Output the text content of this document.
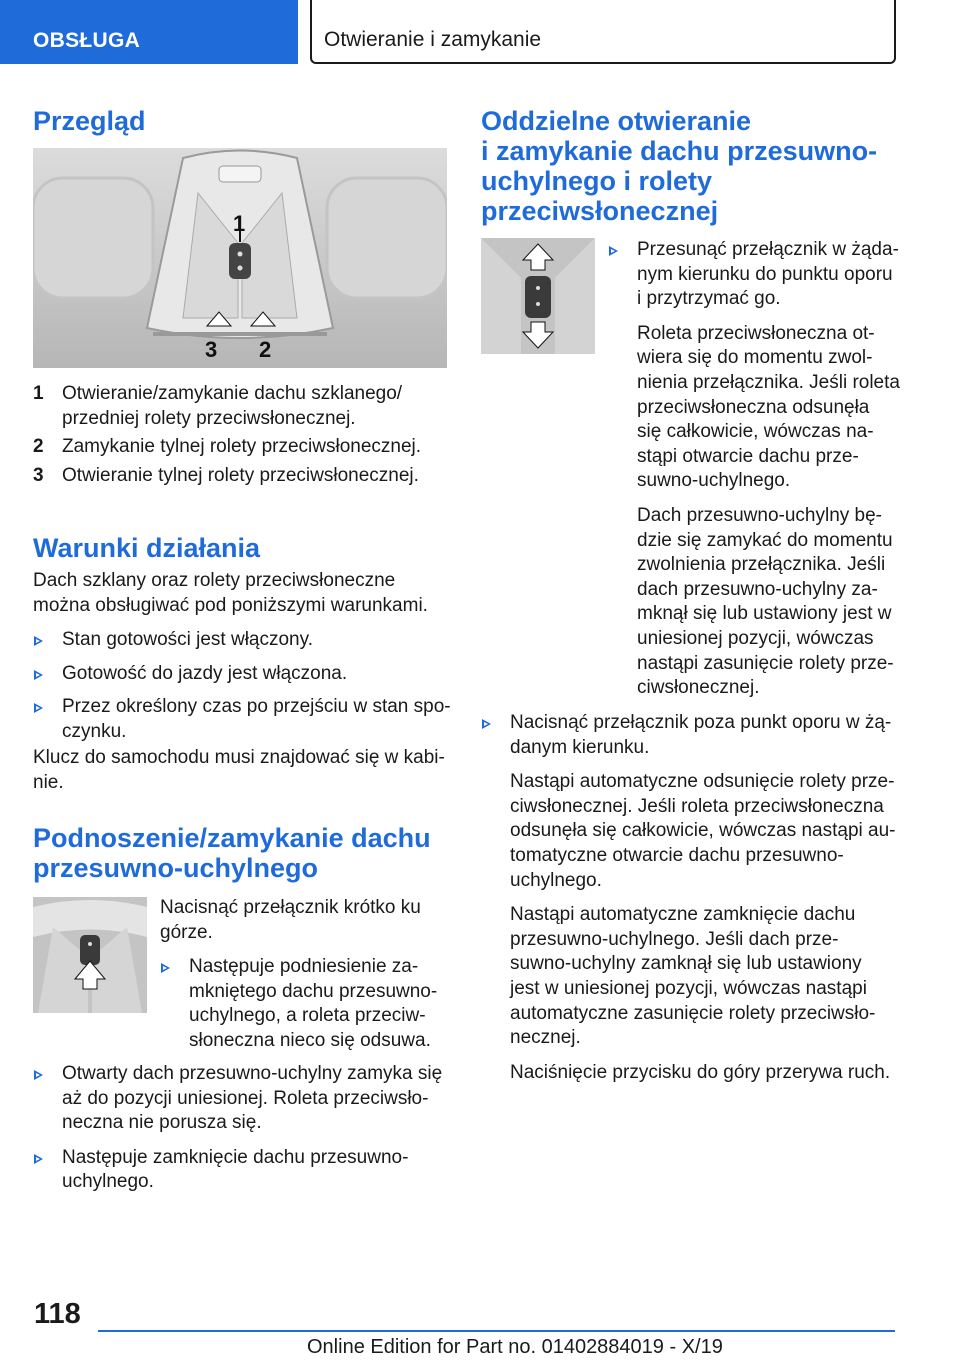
OBSŁUGA	Otwieranie i zamykanie
Przegląd
1
2
3
1 Otwieranie/zamykanie dachu szklanego/
przedniej rolety przeciwsłonecznej.
2 Zamykanie tylnej rolety przeciwsłonecznej.
3 Otwieranie tylnej rolety przeciwsłonecznej.
Warunki działania
Dach szklany oraz rolety przeciwsłoneczne
można obsługiwać pod poniższymi warunkami.
Stan gotowości jest włączony.
Gotowość do jazdy jest włączona.
Przez określony czas po przejściu w stan spo-
czynku.
Klucz do samochodu musi znajdować się w kabi-
nie.
Podnoszenie/zamykanie dachu
przesuwno-uchylnego
Nacisnąć przełącznik krótko ku
górze.
Następuje podniesienie za-
mkniętego dachu przesuwno-
uchylnego, a roleta przeciw-
słoneczna nieco się odsuwa.
Otwarty dach przesuwno-uchylny zamyka się
aż do pozycji uniesionej. Roleta przeciwsło-
neczna nie porusza się.
Następuje zamknięcie dachu przesuwno-
uchylnego.
Oddzielne otwieranie
i zamykanie dachu przesuwno-
uchylnego i rolety
przeciwsłonecznej
Przesunąć przełącznik w żąda-
nym kierunku do punktu oporu
i przytrzymać go.
Roleta przeciwsłoneczna ot-
wiera się do momentu zwol-
nienia przełącznika. Jeśli roleta
przeciwsłoneczna odsunęła
się całkowicie, wówczas na-
stąpi otwarcie dachu prze-
suwno-uchylnego.
Dach przesuwno-uchylny bę-
dzie się zamykać do momentu
zwolnienia przełącznika. Jeśli
dach przesuwno-uchylny za-
mknął się lub ustawiony jest w
uniesionej pozycji, wówczas
nastąpi zasunięcie rolety prze-
ciwsłonecznej.
Nacisnąć przełącznik poza punkt oporu w żą-
danym kierunku.
Nastąpi automatyczne odsunięcie rolety prze-
ciwsłonecznej. Jeśli roleta przeciwsłoneczna
odsunęła się całkowicie, wówczas nastąpi au-
tomatyczne otwarcie dachu przesuwno-
uchylnego.
Nastąpi automatyczne zamknięcie dachu
przesuwno-uchylnego. Jeśli dach prze-
suwno-uchylny zamknął się lub ustawiony
jest w uniesionej pozycji, wówczas nastąpi
automatyczne zasunięcie rolety przeciwsło-
necznej.
Naciśnięcie przycisku do góry przerywa ruch.
118
Online Edition for Part no. 01402884019 - X/19
